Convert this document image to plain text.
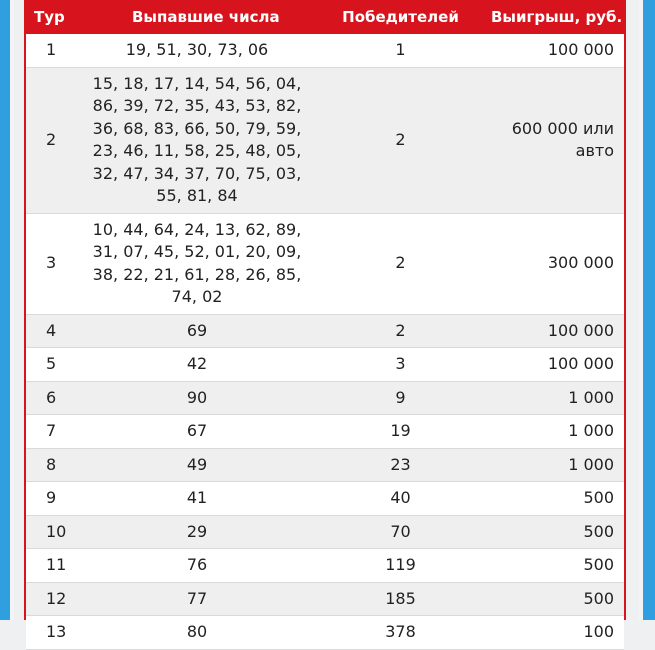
Тур	Выпавшие числа	Победителей	Выигрыш, руб.
1	19, 51, 30, 73, 06	1	100 000
2	15, 18, 17, 14, 54, 56, 04, 86, 39, 72, 35, 43, 53, 82, 36, 68, 83, 66, 50, 79, 59, 23, 46, 11, 58, 25, 48, 05, 32, 47, 34, 37, 70, 75, 03, 55, 81, 84	2	600 000 или авто
3	10, 44, 64, 24, 13, 62, 89, 31, 07, 45, 52, 01, 20, 09, 38, 22, 21, 61, 28, 26, 85, 74, 02	2	300 000
4	69	2	100 000
5	42	3	100 000
6	90	9	1 000
7	67	19	1 000
8	49	23	1 000
9	41	40	500
10	29	70	500
11	76	119	500
12	77	185	500
13	80	378	100
